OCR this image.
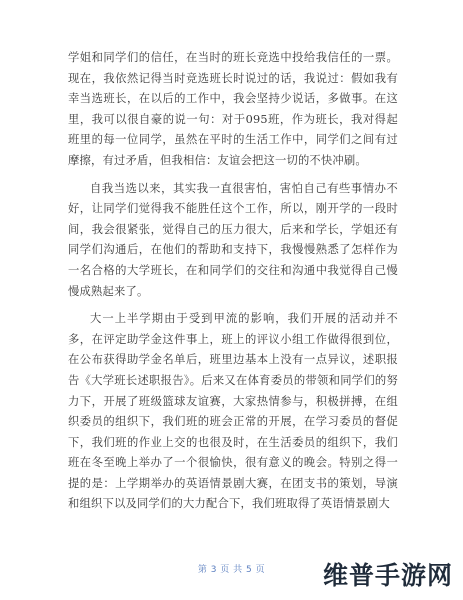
学姐和同学们的信任，在当时的班长竞选中投给我信任的一票。现在，我依然记得当时竞选班长时说过的话，我说过：假如我有幸当选班长，在以后的工作中，我会坚持少说话，多做事。在这里，我可以很自豪的说一句：对于095班，作为班长，我对得起班里的每一位同学，虽然在平时的生活工作中，同学们之间有过摩擦，有过矛盾，但我相信：友谊会把这一切的不快冲刷。

自我当选以来，其实我一直很害怕，害怕自己有些事情办不好，让同学们觉得我不能胜任这个工作，所以，刚开学的一段时间，我会很紧张，觉得自己的压力很大，后来和学长，学姐还有同学们沟通后，在他们的帮助和支持下，我慢慢熟悉了怎样作为一名合格的大学班长，在和同学们的交往和沟通中我觉得自己慢慢成熟起来了。

大一上半学期由于受到甲流的影响，我们开展的活动并不多，在评定助学金这件事上，班上的评议小组工作做得很到位，在公布获得助学金名单后，班里边基本上没有一点异议，述职报告《大学班长述职报告》。后来又在体育委员的带领和同学们的努力下，开展了班级篮球友谊赛，大家热情参与，积极拼搏，在组织委员的组织下，我们班的班会正常的开展，在学习委员的督促下，我们班的作业上交的也很及时，在生活委员的组织下，我们班在冬至晚上举办了一个很愉快，很有意义的晚会。特别之得一提的是：上学期举办的英语情景剧大赛，在团支书的策划，导演和组织下以及同学们的大力配合下，我们班取得了英语情景剧大

第 3 页 共 5 页	维普手游网
